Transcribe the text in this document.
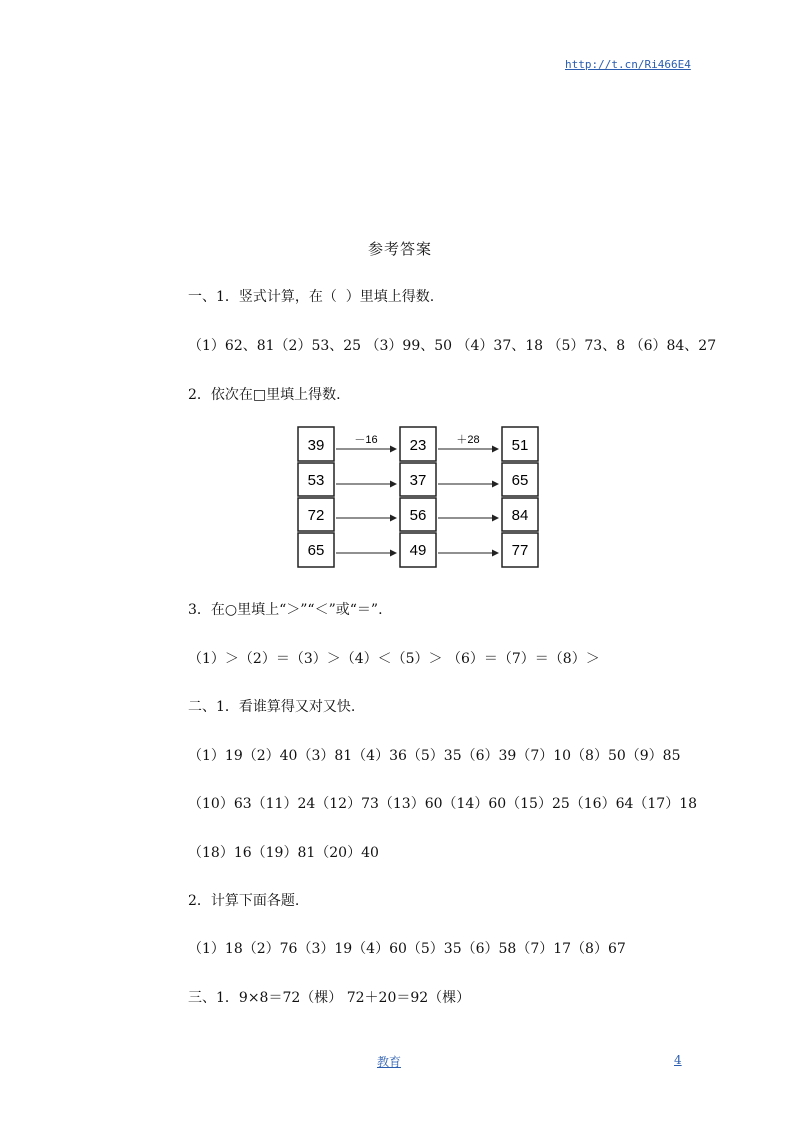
http://t.cn/Ri466E4
参考答案
一、1．竖式计算，在（  ）里填上得数.
（1）62、81（2）53、25 （3）99、50 （4）37、18 （5）73、8 （6）84、27
2．依次在□里填上得数.
39
53
72
65
23
37
56
49
51
65
84
77
－16	＋28
3．在○里填上“＞”“＜”或“＝”.
（1）＞（2）＝（3）＞（4）＜（5）＞ （6）＝（7）＝（8）＞
二、1．看谁算得又对又快.
（1）19（2）40（3）81（4）36（5）35（6）39（7）10（8）50（9）85
（10）63（11）24（12）73（13）60（14）60（15）25（16）64（17）18
（18）16（19）81（20）40
2．计算下面各题.
（1）18（2）76（3）19（4）60（5）35（6）58（7）17（8）67
三、1．9×8＝72（棵） 72＋20＝92（棵）
教育	4
